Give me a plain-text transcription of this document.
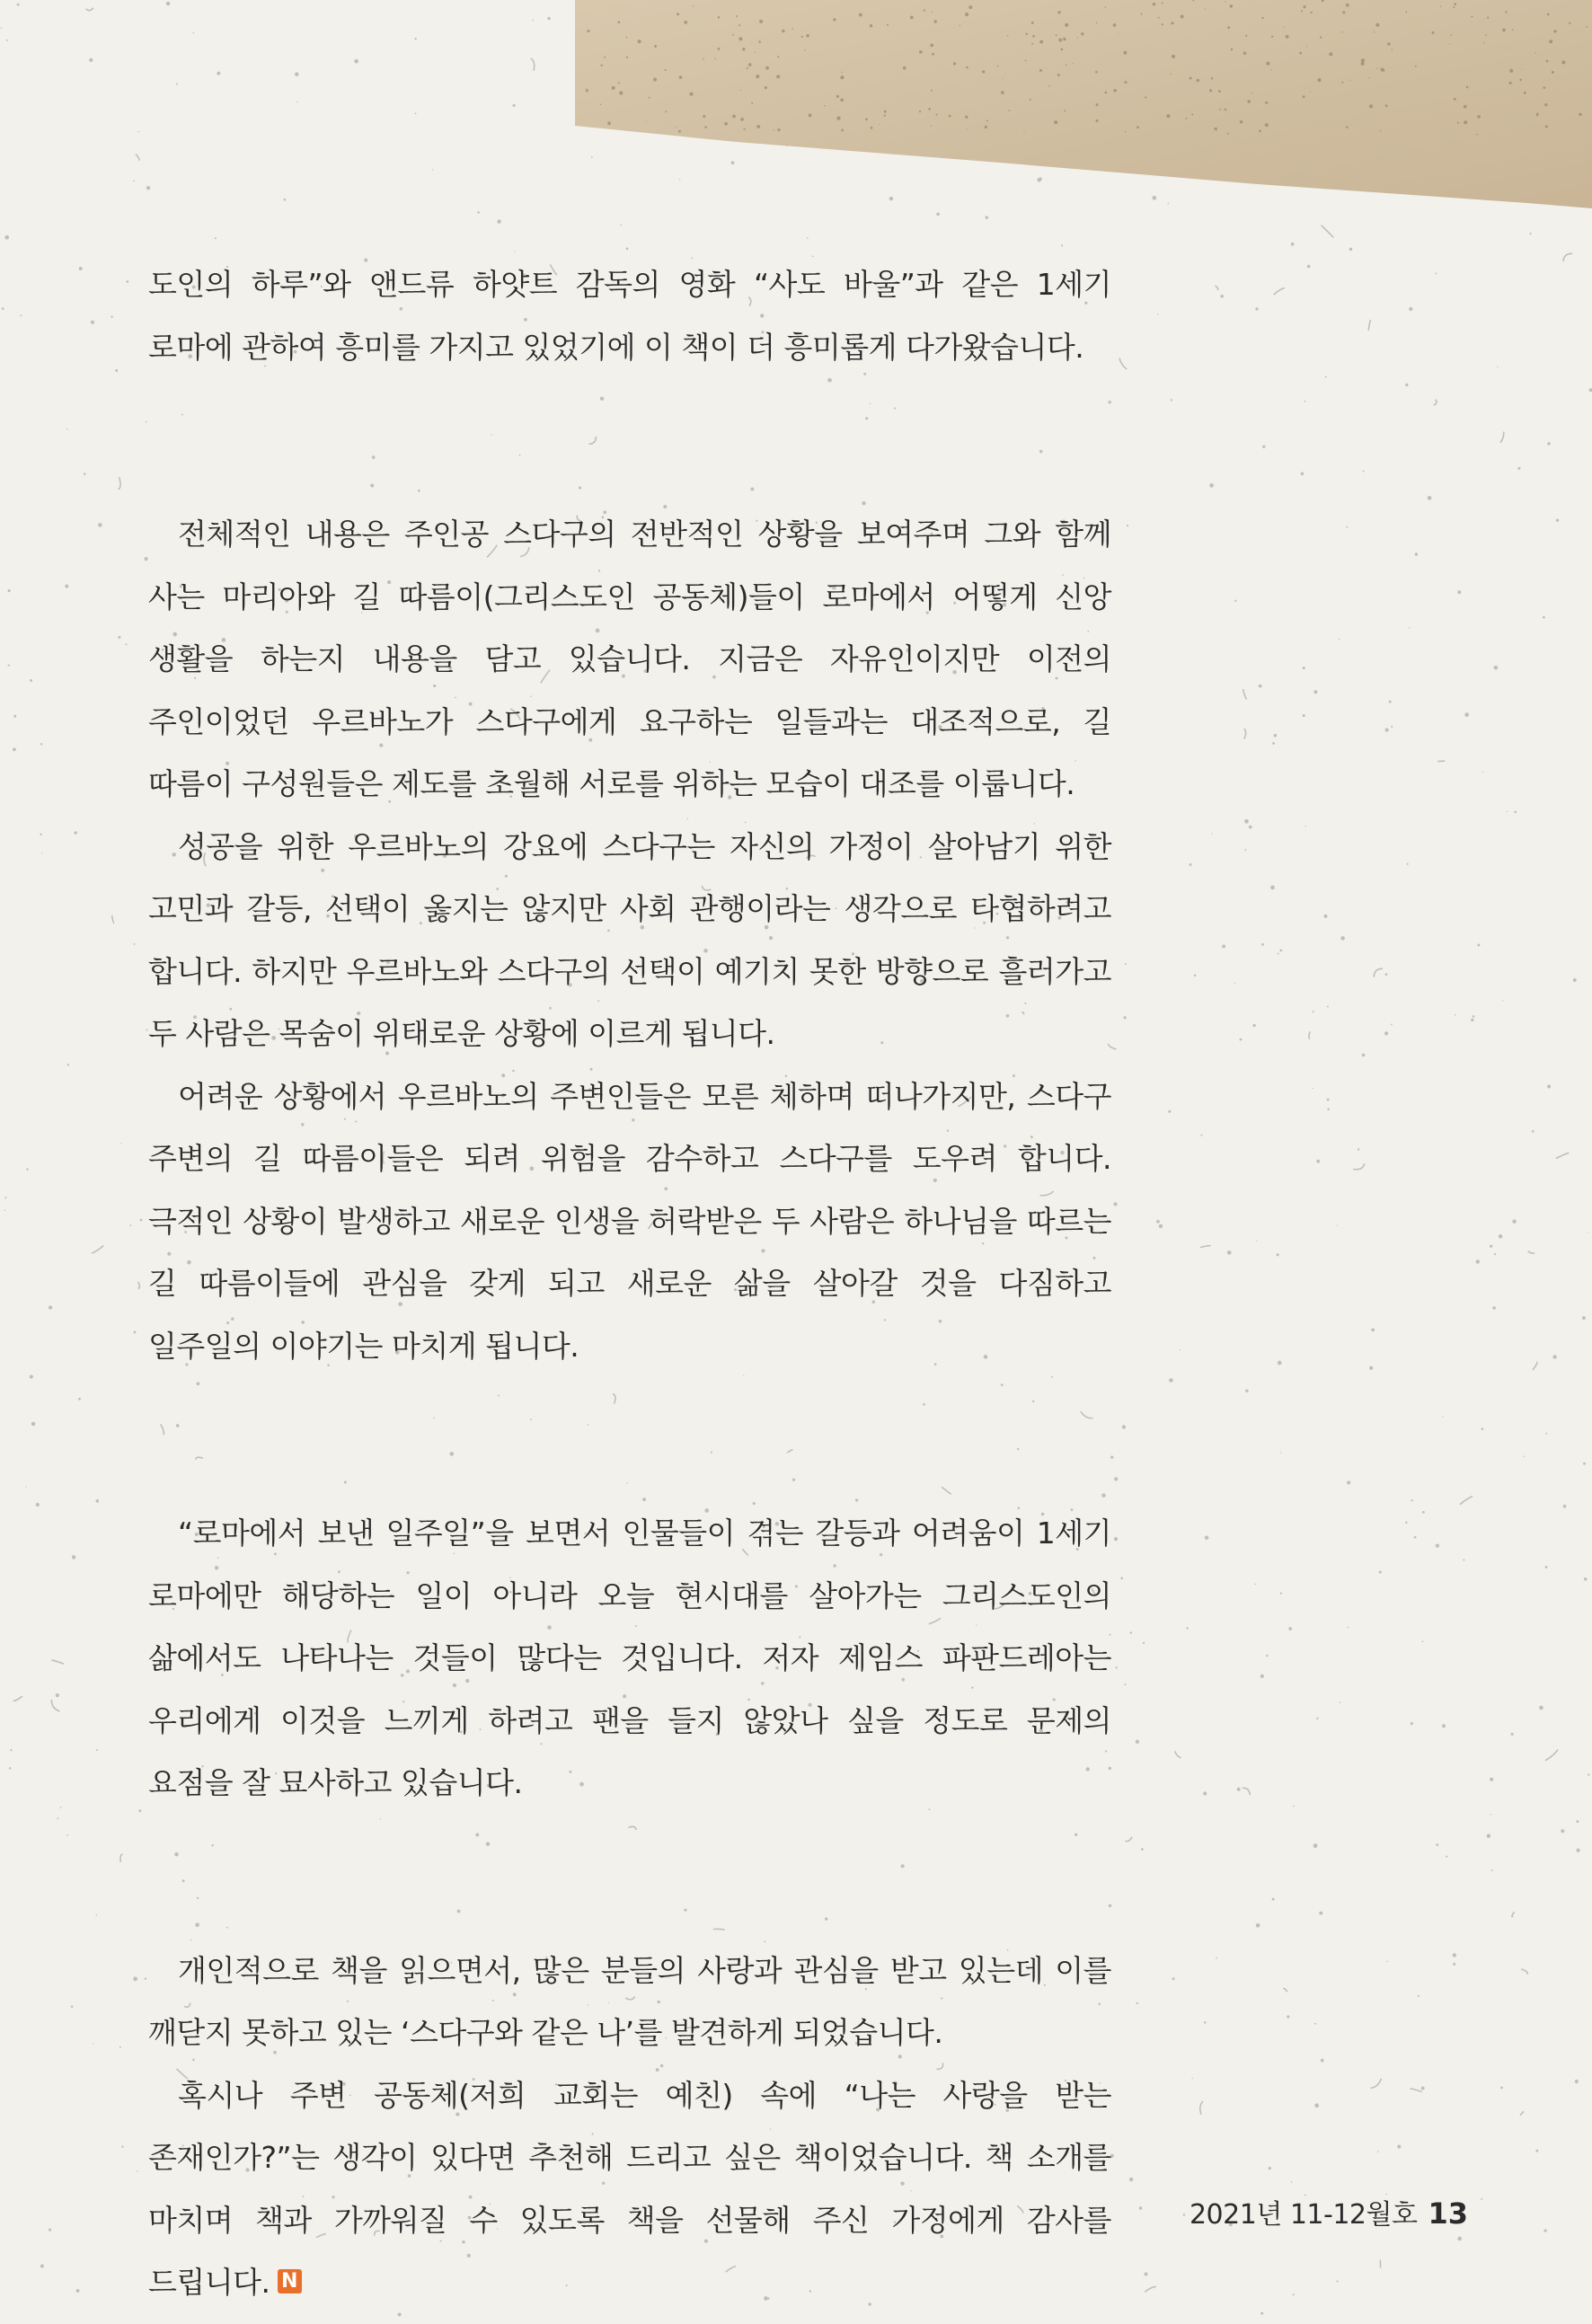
도인의 하루”와 앤드류 하얏트 감독의 영화 “사도 바울”과 같은 1세기 로마에 관하여 흥미를 가지고 있었기에 이 책이 더 흥미롭게 다가왔습니다.

전체적인 내용은 주인공 스다구의 전반적인 상황을 보여주며 그와 함께 사는 마리아와 길 따름이(그리스도인 공동체)들이 로마에서 어떻게 신앙 생활을 하는지 내용을 담고 있습니다. 지금은 자유인이지만 이전의 주인이었던 우르바노가 스다구에게 요구하는 일들과는 대조적으로, 길 따름이 구성원들은 제도를 초월해 서로를 위하는 모습이 대조를 이룹니다.

성공을 위한 우르바노의 강요에 스다구는 자신의 가정이 살아남기 위한 고민과 갈등, 선택이 옳지는 않지만 사회 관행이라는 생각으로 타협하려고 합니다. 하지만 우르바노와 스다구의 선택이 예기치 못한 방향으로 흘러가고 두 사람은 목숨이 위태로운 상황에 이르게 됩니다.

어려운 상황에서 우르바노의 주변인들은 모른 체하며 떠나가지만, 스다구 주변의 길 따름이들은 되려 위험을 감수하고 스다구를 도우려 합니다. 극적인 상황이 발생하고 새로운 인생을 허락받은 두 사람은 하나님을 따르는 길 따름이들에 관심을 갖게 되고 새로운 삶을 살아갈 것을 다짐하고 일주일의 이야기는 마치게 됩니다.

“로마에서 보낸 일주일”을 보면서 인물들이 겪는 갈등과 어려움이 1세기 로마에만 해당하는 일이 아니라 오늘 현시대를 살아가는 그리스도인의 삶에서도 나타나는 것들이 많다는 것입니다. 저자 제임스 파판드레아는 우리에게 이것을 느끼게 하려고 팬을 들지 않았나 싶을 정도로 문제의 요점을 잘 묘사하고 있습니다.

개인적으로 책을 읽으면서, 많은 분들의 사랑과 관심을 받고 있는데 이를 깨닫지 못하고 있는 ‘스다구와 같은 나’를 발견하게 되었습니다.

혹시나 주변 공동체(저희 교회는 예친) 속에 “나는 사랑을 받는 존재인가?”는 생각이 있다면 추천해 드리고 싶은 책이었습니다. 책 소개를 마치며 책과 가까워질 수 있도록 책을 선물해 주신 가정에게 감사를 드립니다. N

2021년 11-12월호 13
